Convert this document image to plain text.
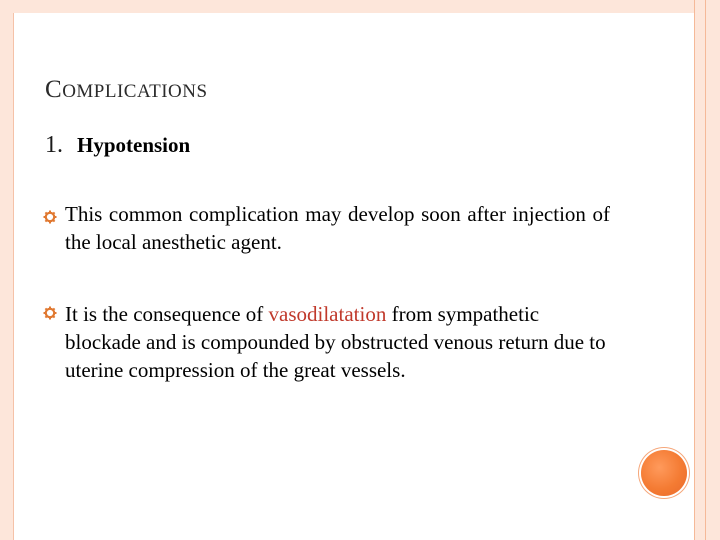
COMPLICATIONS
1. Hypotension
This common complication may develop soon after injection of the local anesthetic agent.
It is the consequence of vasodilatation from sympathetic blockade and is compounded by obstructed venous return due to uterine compression of the great vessels.
